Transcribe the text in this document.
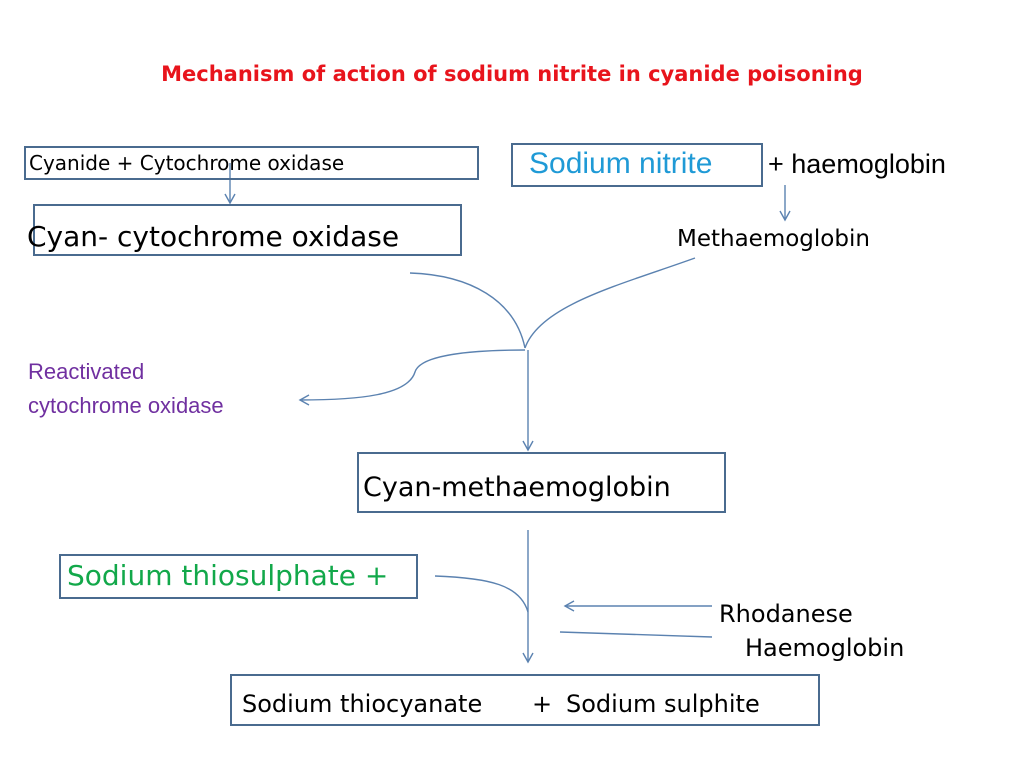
Mechanism of action of sodium nitrite in cyanide poisoning
Cyanide + Cytochrome oxidase	Sodium nitrite + haemoglobin
Cyan- cytochrome oxidase	Methaemoglobin
Reactivated
cytochrome oxidase
Cyan-methaemoglobin
Sodium thiosulphate +
Rhodanese
Haemoglobin
Sodium thiocyanate + Sodium sulphite
